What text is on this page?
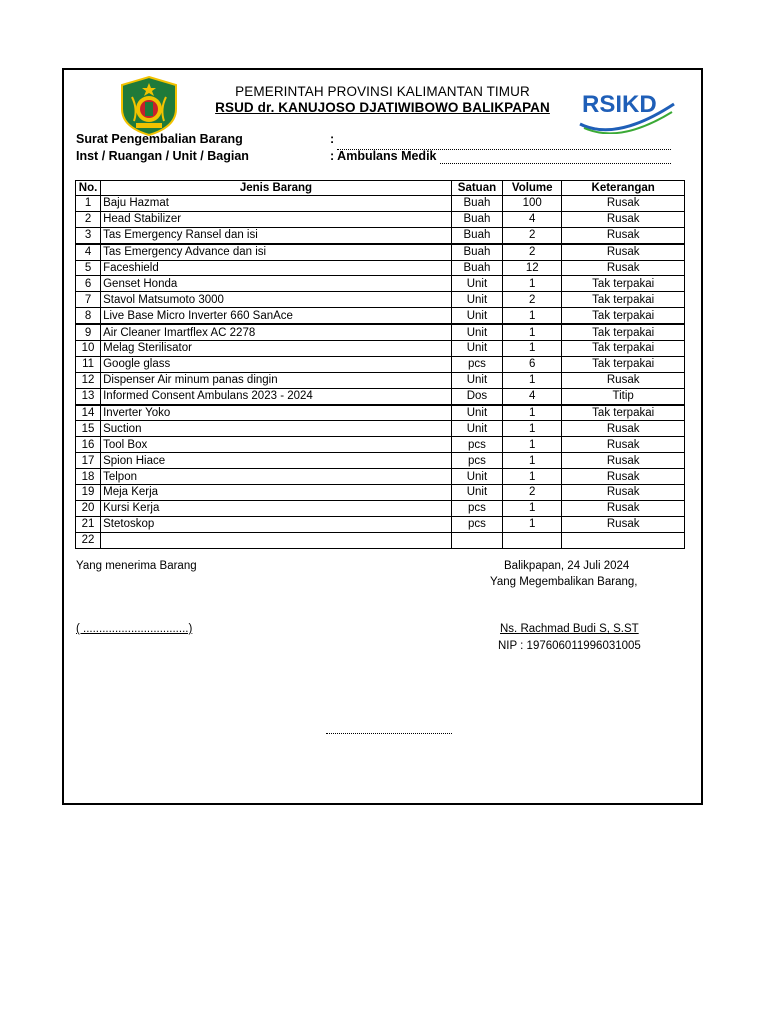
PEMERINTAH PROVINSI KALIMANTAN TIMUR
RSUD dr. KANUJOSO DJATIWIBOWO BALIKPAPAN	RSIKD
Surat Pengembalian Barang	:
Inst / Ruangan / Unit / Bagian	: Ambulans Medik
No.	Jenis Barang	Satuan	Volume	Keterangan
1	Baju Hazmat	Buah	100	Rusak
2	Head Stabilizer	Buah	4	Rusak
3	Tas Emergency Ransel dan isi	Buah	2	Rusak
4	Tas Emergency Advance dan isi	Buah	2	Rusak
5	Faceshield	Buah	12	Rusak
6	Genset Honda	Unit	1	Tak terpakai
7	Stavol Matsumoto 3000	Unit	2	Tak terpakai
8	Live Base Micro Inverter 660 SanAce	Unit	1	Tak terpakai
9	Air Cleaner Imartflex AC 2278	Unit	1	Tak terpakai
10	Melag Sterilisator	Unit	1	Tak terpakai
11	Google glass	pcs	6	Tak terpakai
12	Dispenser Air minum panas dingin	Unit	1	Rusak
13	Informed Consent Ambulans 2023 - 2024	Dos	4	Titip
14	Inverter Yoko	Unit	1	Tak terpakai
15	Suction	Unit	1	Rusak
16	Tool Box	pcs	1	Rusak
17	Spion Hiace	pcs	1	Rusak
18	Telpon	Unit	1	Rusak
19	Meja Kerja	Unit	2	Rusak
20	Kursi Kerja	pcs	1	Rusak
21	Stetoskop	pcs	1	Rusak
22				
Yang menerima Barang
( .................................)
Balikpapan, 24 Juli 2024
Yang Megembalikan Barang,
Ns. Rachmad Budi S, S.ST
NIP : 197606011996031005
